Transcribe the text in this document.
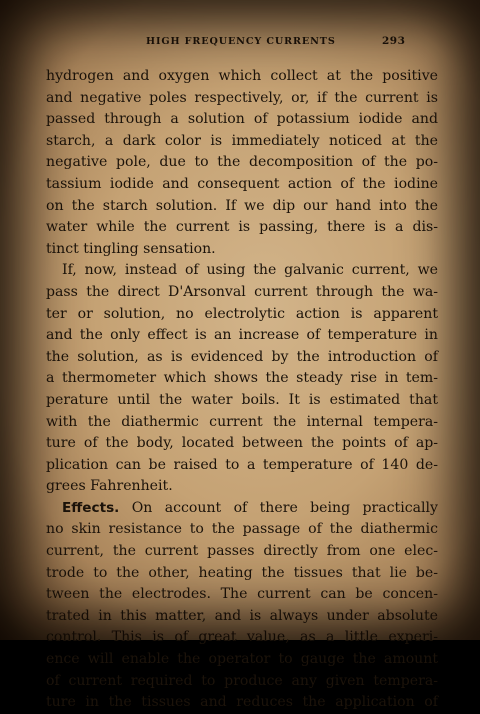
HIGH FREQUENCY CURRENTS	293
hydrogen and oxygen which collect at the positive
and negative poles respectively, or, if the current is
passed through a solution of potassium iodide and
starch, a dark color is immediately noticed at the
negative pole, due to the decomposition of the po-
tassium iodide and consequent action of the iodine
on the starch solution. If we dip our hand into the
water while the current is passing, there is a dis-
tinct tingling sensation.
If, now, instead of using the galvanic current, we
pass the direct D'Arsonval current through the wa-
ter or solution, no electrolytic action is apparent
and the only effect is an increase of temperature in
the solution, as is evidenced by the introduction of
a thermometer which shows the steady rise in tem-
perature until the water boils. It is estimated that
with the diathermic current the internal tempera-
ture of the body, located between the points of ap-
plication can be raised to a temperature of 140 de-
grees Fahrenheit.
Effects. On account of there being practically
no skin resistance to the passage of the diathermic
current, the current passes directly from one elec-
trode to the other, heating the tissues that lie be-
tween the electrodes. The current can be concen-
trated in this matter, and is always under absolute
control. This is of great value, as a little experi-
ence will enable the operator to gauge the amount
of current required to produce any given tempera-
ture in the tissues and reduces the application of
